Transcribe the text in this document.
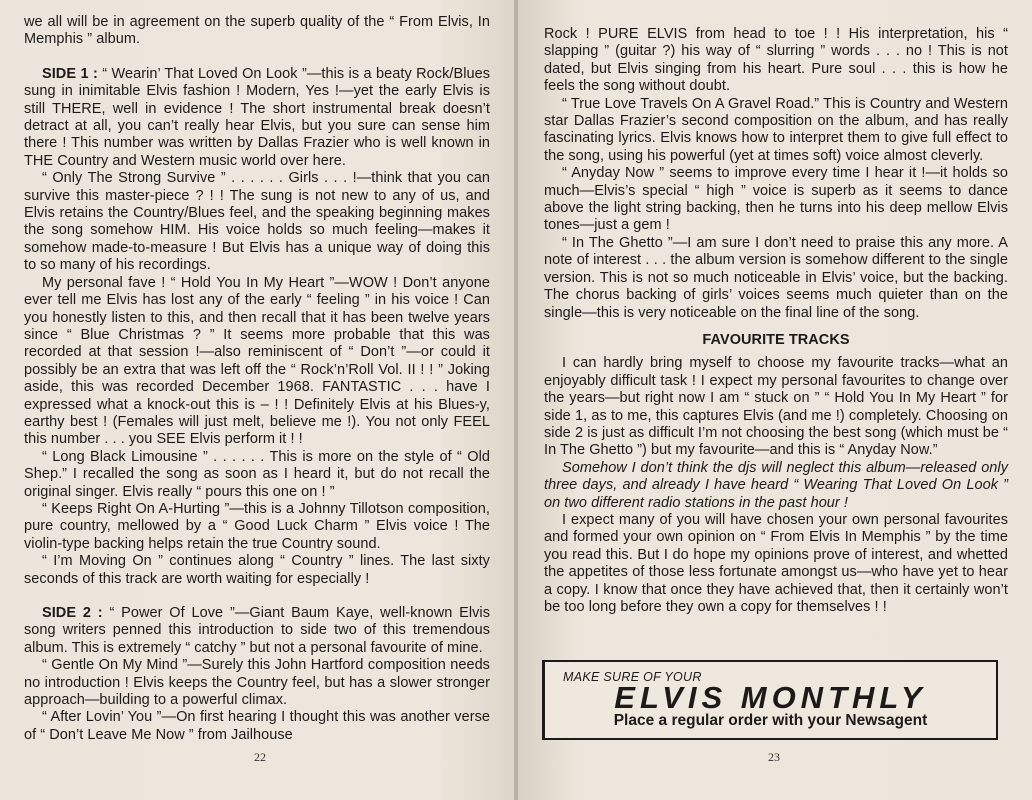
we all will be in agreement on the superb quality of the “ From Elvis, In Memphis ” album.

SIDE 1 : “ Wearin’ That Loved On Look ”—this is a beaty Rock/Blues sung in inimitable Elvis fashion ! Modern, Yes !—yet the early Elvis is still THERE, well in evidence ! The short instrumental break doesn’t detract at all, you can’t really hear Elvis, but you sure can sense him there ! This number was written by Dallas Frazier who is well known in THE Country and Western music world over here.

“ Only The Strong Survive ” . . . . . . Girls . . . !—think that you can survive this master-piece ? ! ! The sung is not new to any of us, and Elvis retains the Country/Blues feel, and the speaking beginning makes the song somehow HIM. His voice holds so much feeling—makes it somehow made-to-measure ! But Elvis has a unique way of doing this to so many of his recordings.

My personal fave ! “ Hold You In My Heart ”—WOW ! Don’t anyone ever tell me Elvis has lost any of the early “ feeling ” in his voice ! Can you honestly listen to this, and then recall that it has been twelve years since “ Blue Christmas ? ” It seems more probable that this was recorded at that session !—also reminiscent of “ Don’t ”—or could it possibly be an extra that was left off the “ Rock’n’Roll Vol. II ! ! ” Joking aside, this was recorded December 1968. FANTASTIC . . . have I expressed what a knock-out this is – ! ! Definitely Elvis at his Blues-y, earthy best ! (Females will just melt, believe me !). You not only FEEL this number . . . you SEE Elvis perform it ! !

“ Long Black Limousine ” . . . . . . This is more on the style of “ Old Shep.” I recalled the song as soon as I heard it, but do not recall the original singer. Elvis really “ pours this one on ! ”

“ Keeps Right On A-Hurting ”—this is a Johnny Tillotson composition, pure country, mellowed by a “ Good Luck Charm ” Elvis voice ! The violin-type backing helps retain the true Country sound.

“ I’m Moving On ” continues along “ Country ” lines. The last sixty seconds of this track are worth waiting for especially !

SIDE 2 : “ Power Of Love ”—Giant Baum Kaye, well-known Elvis song writers penned this introduction to side two of this tremendous album. This is extremely “ catchy ” but not a personal favourite of mine.

“ Gentle On My Mind ”—Surely this John Hartford composition needs no introduction ! Elvis keeps the Country feel, but has a slower stronger approach—building to a powerful climax.

“ After Lovin’ You ”—On first hearing I thought this was another verse of “ Don’t Leave Me Now ” from Jailhouse

22

Rock ! PURE ELVIS from head to toe ! ! His interpretation, his “ slapping ” (guitar ?) his way of “ slurring ” words . . . no ! This is not dated, but Elvis singing from his heart. Pure soul . . . this is how he feels the song without doubt.

“ True Love Travels On A Gravel Road.” This is Country and Western star Dallas Frazier’s second composition on the album, and has really fascinating lyrics. Elvis knows how to interpret them to give full effect to the song, using his powerful (yet at times soft) voice almost cleverly.

“ Anyday Now ” seems to improve every time I hear it !—it holds so much—Elvis’s special “ high ” voice is superb as it seems to dance above the light string backing, then he turns into his deep mellow Elvis tones—just a gem !

“ In The Ghetto ”—I am sure I don’t need to praise this any more. A note of interest . . . the album version is somehow different to the single version. This is not so much noticeable in Elvis’ voice, but the backing. The chorus backing of girls’ voices seems much quieter than on the single—this is very noticeable on the final line of the song.

FAVOURITE TRACKS

I can hardly bring myself to choose my favourite tracks—what an enjoyably difficult task ! I expect my personal favourites to change over the years—but right now I am “ stuck on ” “ Hold You In My Heart ” for side 1, as to me, this captures Elvis (and me !) completely. Choosing on side 2 is just as difficult I’m not choosing the best song (which must be “ In The Ghetto ”) but my favourite—and this is “ Anyday Now.”

Somehow I don’t think the djs will neglect this album—released only three days, and already I have heard “ Wearing That Loved On Look ” on two different radio stations in the past hour !

I expect many of you will have chosen your own personal favourites and formed your own opinion on “ From Elvis In Memphis ” by the time you read this. But I do hope my opinions prove of interest, and whetted the appetites of those less fortunate amongst us—who have yet to hear a copy. I know that once they have achieved that, then it certainly won’t be too long before they own a copy for themselves ! !

MAKE SURE OF YOUR
ELVIS MONTHLY
Place a regular order with your Newsagent
23
